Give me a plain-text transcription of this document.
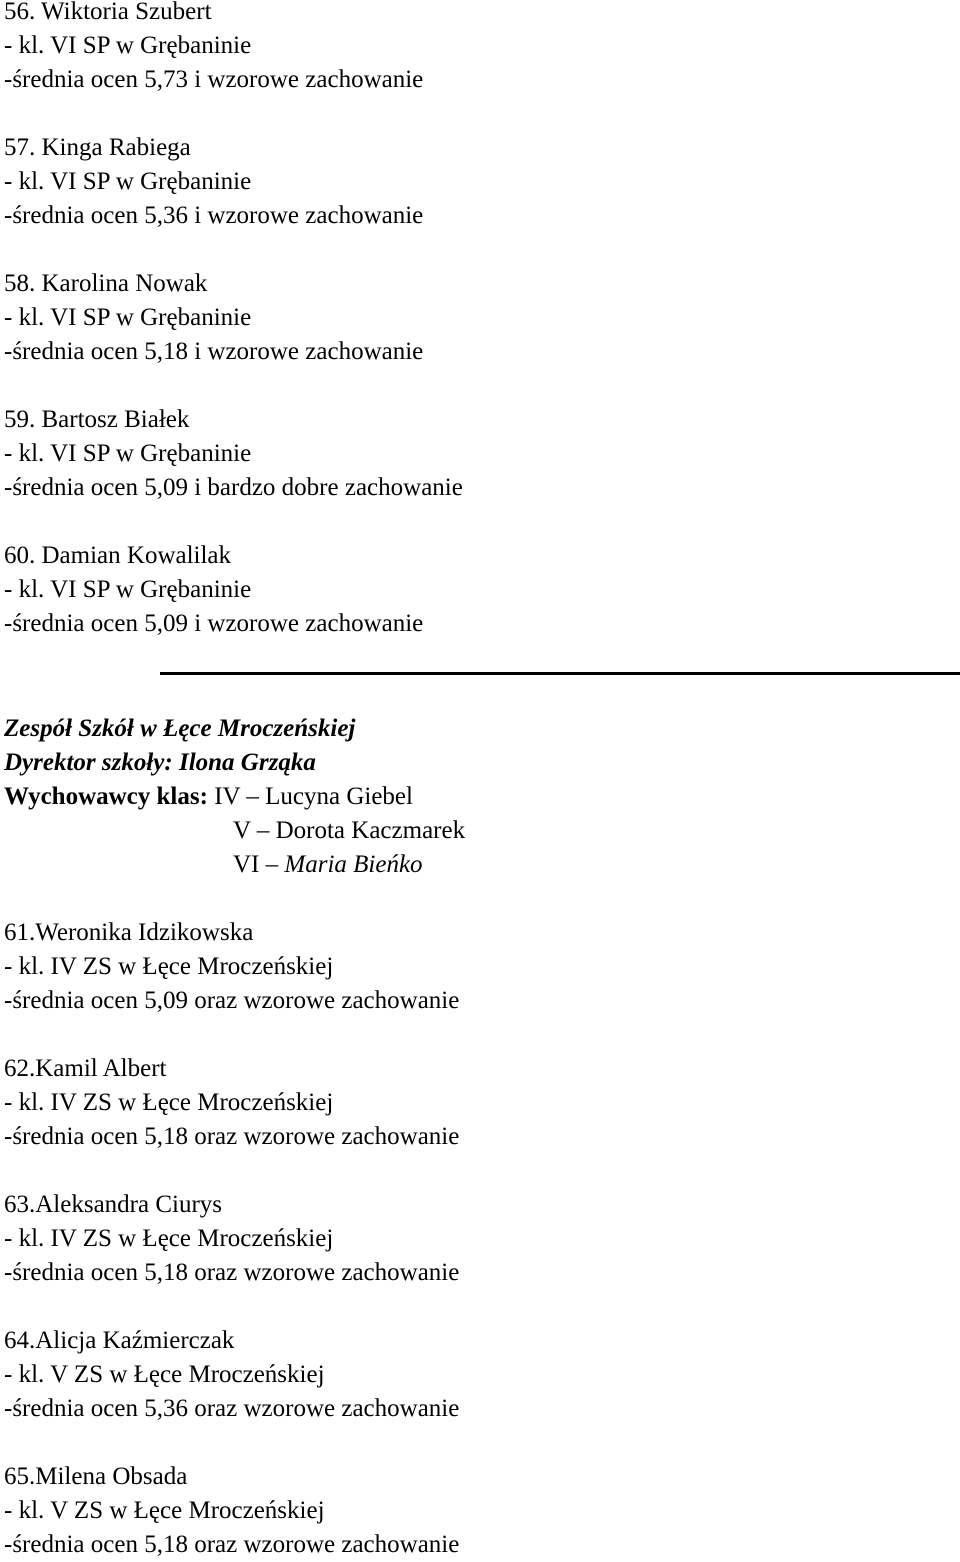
56. Wiktoria Szubert
- kl. VI SP w Grębaninie
-średnia ocen 5,73 i wzorowe zachowanie
57. Kinga Rabiega
- kl. VI SP w Grębaninie
-średnia ocen 5,36 i wzorowe zachowanie
58. Karolina Nowak
- kl. VI SP w Grębaninie
-średnia ocen 5,18 i wzorowe zachowanie
59. Bartosz Białek
- kl. VI SP w Grębaninie
-średnia ocen 5,09 i bardzo dobre zachowanie
60. Damian Kowalilak
- kl. VI SP w Grębaninie
-średnia ocen 5,09 i wzorowe zachowanie
Zespół Szkół w Łęce Mroczeńskiej
Dyrektor szkoły: Ilona Grząka
Wychowawcy klas: IV – Lucyna Giebel
V – Dorota Kaczmarek
VI – Maria Bieńko
61.Weronika Idzikowska
- kl. IV ZS w Łęce Mroczeńskiej
-średnia ocen 5,09 oraz wzorowe zachowanie
62.Kamil Albert
- kl. IV ZS w Łęce Mroczeńskiej
-średnia ocen 5,18 oraz wzorowe zachowanie
63.Aleksandra Ciurys
- kl. IV ZS w Łęce Mroczeńskiej
-średnia ocen 5,18 oraz wzorowe zachowanie
64.Alicja Kaźmierczak
- kl. V ZS w Łęce Mroczeńskiej
-średnia ocen 5,36 oraz wzorowe zachowanie
65.Milena Obsada
- kl. V ZS w Łęce Mroczeńskiej
-średnia ocen 5,18 oraz wzorowe zachowanie
